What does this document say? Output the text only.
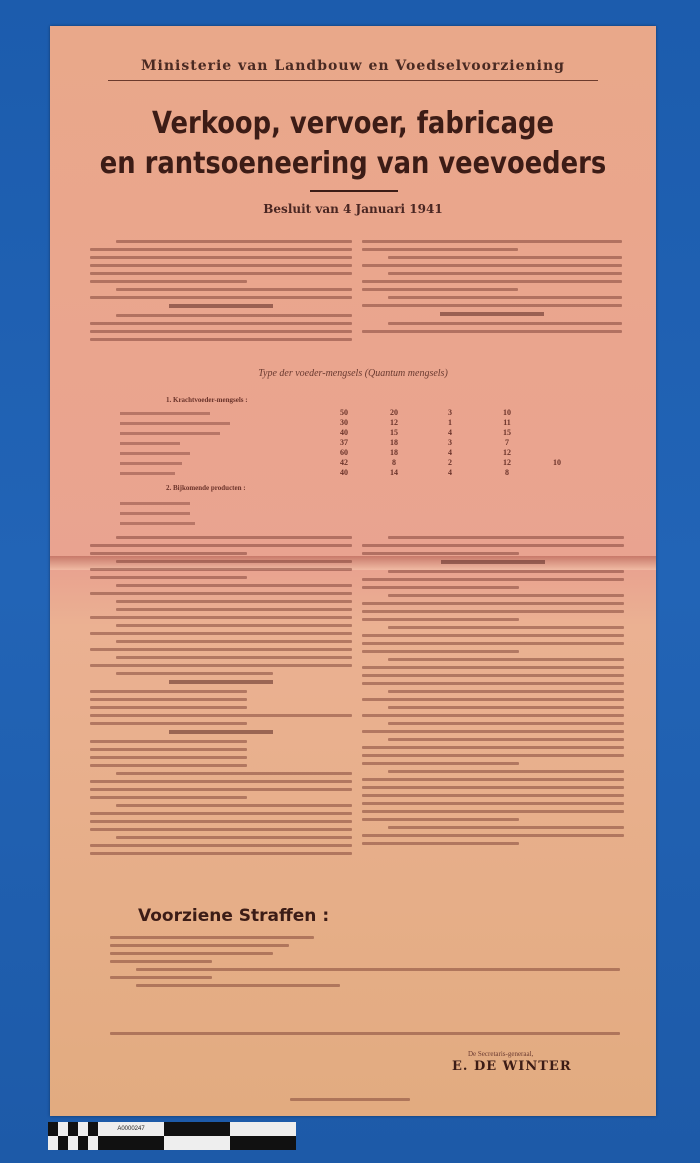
Ministerie van Landbouw en Voedselvoorziening
Verkoop, vervoer, fabricage
en rantsoeneering van veevoeders
Besluit van 4 Januari 1941

Type der voeder-mengsels (Quantum mengsels)
1. Krachtvoeder-mengsels :
50	20	3	10
30	12	1	11
40	15	4	15
37	18	3	7
60	18	4	12
42	8	2	12	10
40	14	4	8
2. Bijkomende producten :
Voorziene Straffen :

De Secretaris-generaal,
E. DE WINTER
A0000247
